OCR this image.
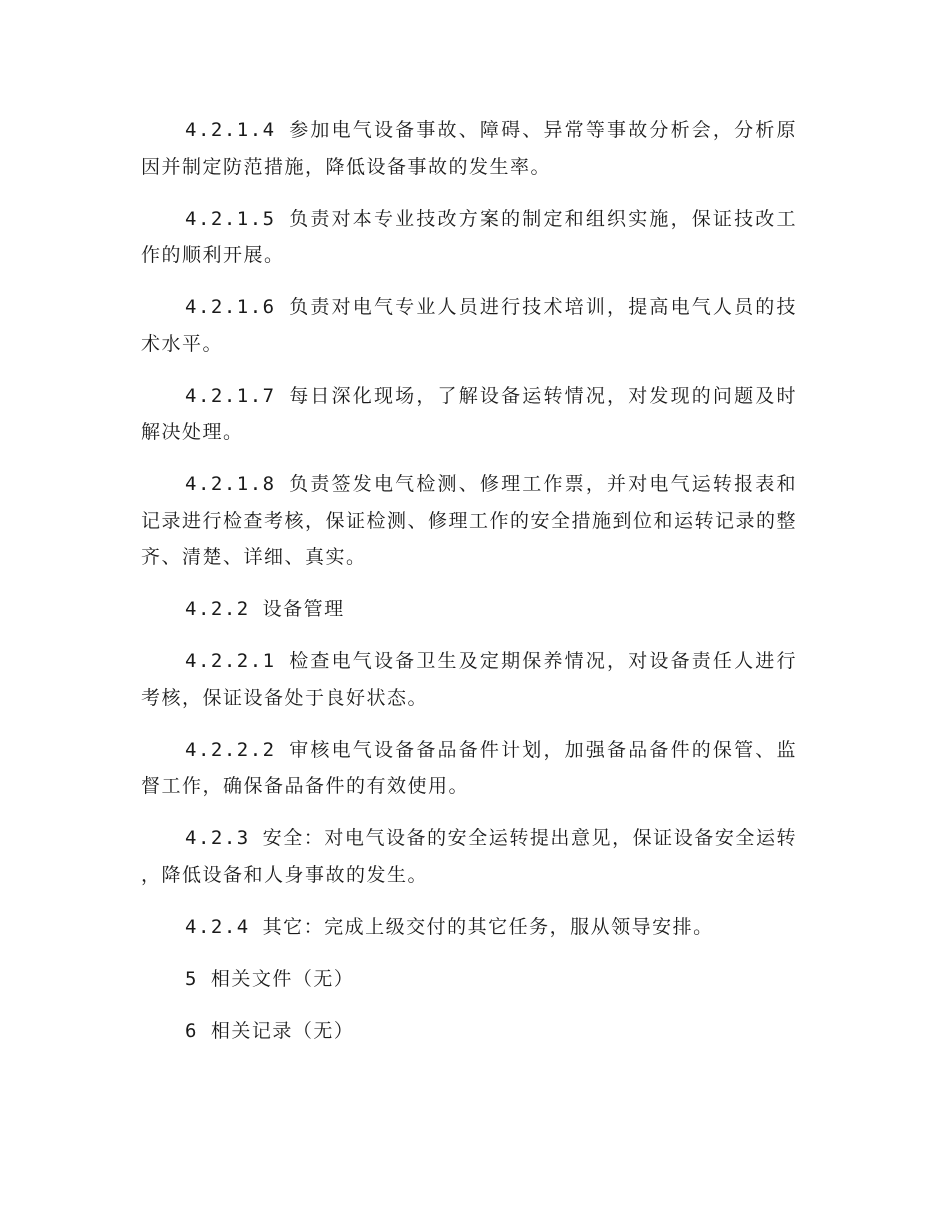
4.2.1.4 参加电气设备事故、障碍、异常等事故分析会，分析原因并制定防范措施，降低设备事故的发生率。

4.2.1.5 负责对本专业技改方案的制定和组织实施，保证技改工作的顺利开展。

4.2.1.6 负责对电气专业人员进行技术培训，提高电气人员的技术水平。

4.2.1.7 每日深化现场，了解设备运转情况，对发现的问题及时解决处理。

4.2.1.8 负责签发电气检测、修理工作票，并对电气运转报表和记录进行检查考核，保证检测、修理工作的安全措施到位和运转记录的整齐、清楚、详细、真实。

4.2.2 设备管理

4.2.2.1 检查电气设备卫生及定期保养情况，对设备责任人进行考核，保证设备处于良好状态。

4.2.2.2 审核电气设备备品备件计划，加强备品备件的保管、监督工作，确保备品备件的有效使用。

4.2.3 安全：对电气设备的安全运转提出意见，保证设备安全运转，降低设备和人身事故的发生。

4.2.4 其它：完成上级交付的其它任务，服从领导安排。

5 相关文件（无）

6 相关记录（无）
